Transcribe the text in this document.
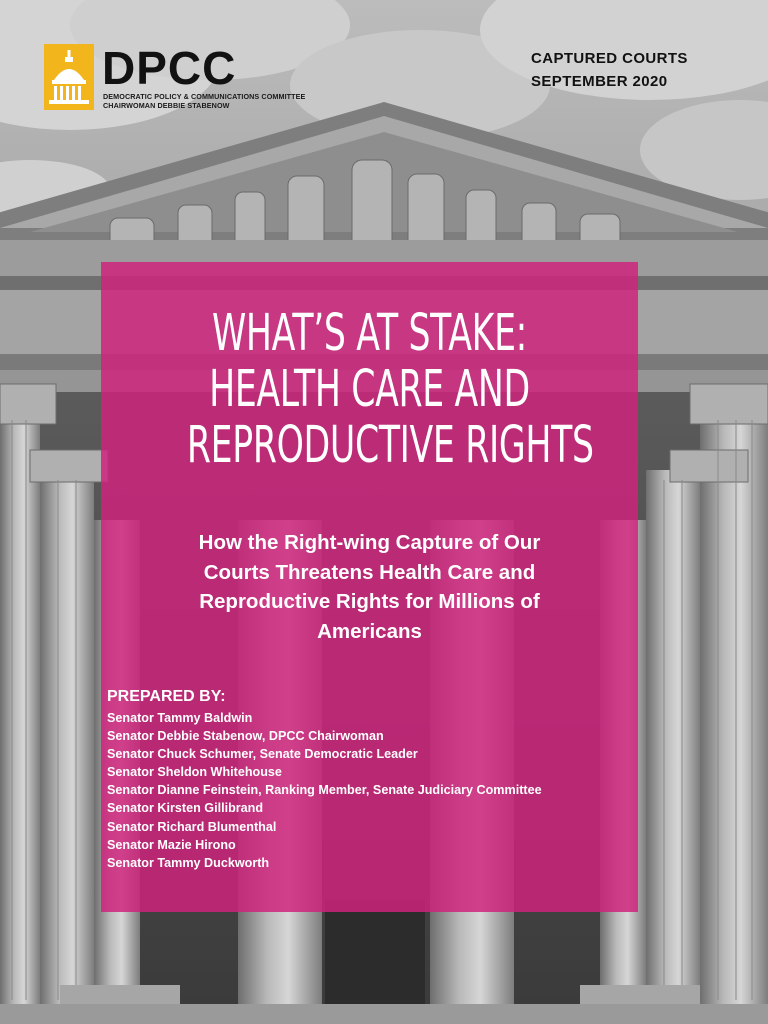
DPCC
DEMOCRATIC POLICY & COMMUNICATIONS COMMITTEE
CHAIRWOMAN DEBBIE STABENOW
CAPTURED COURTS
SEPTEMBER 2020
WHAT’S AT STAKE:
HEALTH CARE AND
REPRODUCTIVE RIGHTS
How the Right-wing Capture of Our
Courts Threatens Health Care and
Reproductive Rights for Millions of
Americans
PREPARED BY:
Senator Tammy Baldwin
Senator Debbie Stabenow, DPCC Chairwoman
Senator Chuck Schumer, Senate Democratic Leader
Senator Sheldon Whitehouse
Senator Dianne Feinstein, Ranking Member, Senate Judiciary Committee
Senator Kirsten Gillibrand
Senator Richard Blumenthal
Senator Mazie Hirono
Senator Tammy Duckworth
